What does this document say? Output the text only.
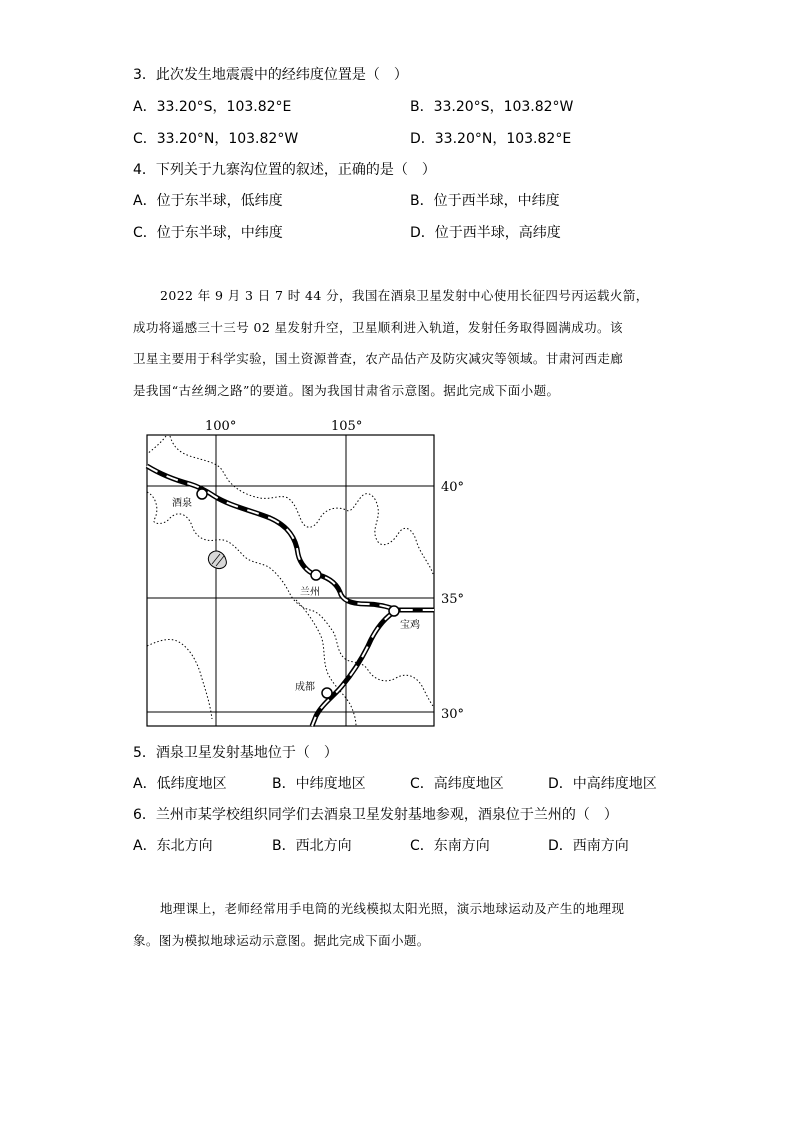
3．此次发生地震震中的经纬度位置是（　）
A．33.20°S，103.82°E	B．33.20°S，103.82°W
C．33.20°N，103.82°W	D．33.20°N，103.82°E
4．下列关于九寨沟位置的叙述，正确的是（　）
A．位于东半球，低纬度	B．位于西半球，中纬度
C．位于东半球，中纬度	D．位于西半球，高纬度
2022 年 9 月 3 日 7 时 44 分，我国在酒泉卫星发射中心使用长征四号丙运载火箭，
成功将遥感三十三号 02 星发射升空，卫星顺利进入轨道，发射任务取得圆满成功。该
卫星主要用于科学实验，国土资源普查，农产品估产及防灾减灾等领域。甘肃河西走廊
是我国“古丝绸之路”的要道。图为我国甘肃省示意图。据此完成下面小题。
100°	105°
40°
35°
30°
酒泉
兰州
宝鸡
成都
5．酒泉卫星发射基地位于（　）
A．低纬度地区	B．中纬度地区	C．高纬度地区	D．中高纬度地区
6．兰州市某学校组织同学们去酒泉卫星发射基地参观，酒泉位于兰州的（　）
A．东北方向	B．西北方向	C．东南方向	D．西南方向
地理课上，老师经常用手电筒的光线模拟太阳光照，演示地球运动及产生的地理现
象。图为模拟地球运动示意图。据此完成下面小题。
